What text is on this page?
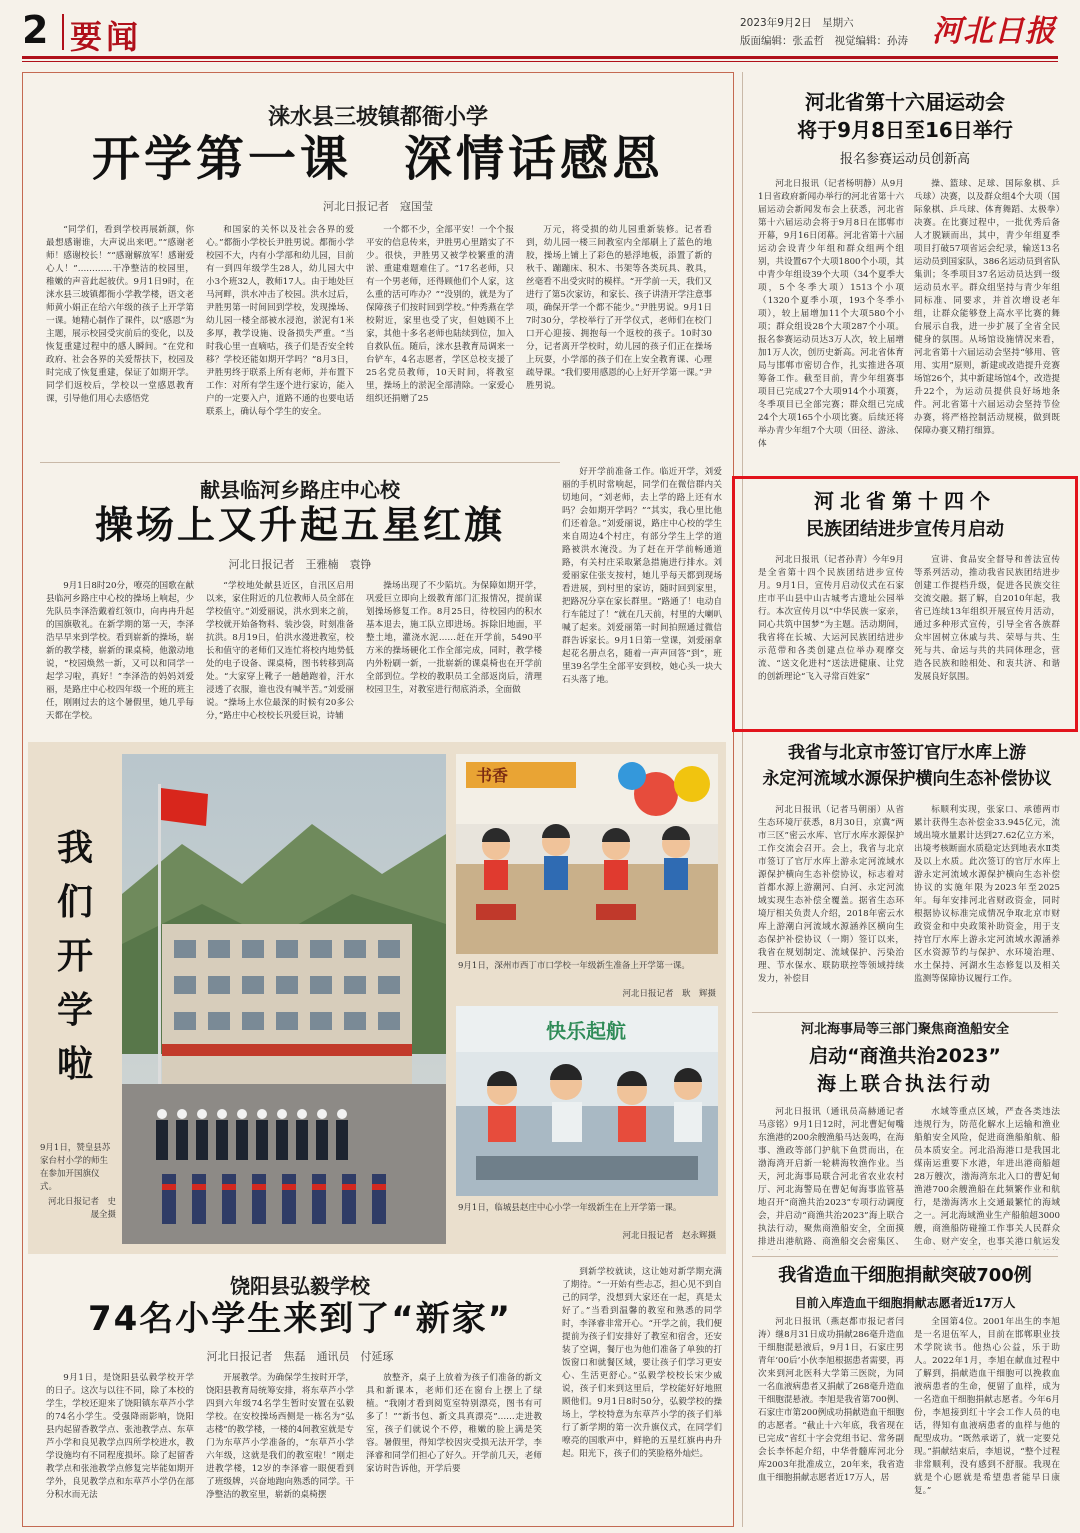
2 要闻	2023年9月2日　星期六
版面编辑：张孟哲　视觉编辑：孙涛 河北日报
涞水县三坡镇都衙小学
开学第一课　深情话感恩
河北日报记者　寇国莹
“同学们，看到学校再展新颜，你最想感谢谁，大声说出来吧。”“感谢老师！感谢校长！”“感谢解放军！感谢爱心人！”…………干净整洁的校园里，稚嫩的声音此起彼伏。9月1日9时，在涞水县三坡镇都衙小学教学楼，语文老师黄小娟正在给六年级的孩子上开学第一课。她精心制作了课件，以“感恩”为主题，展示校园受灾前后的变化，以及恢复重建过程中的感人瞬间。“在党和政府、社会各界的关爱帮扶下，校园及时完成了恢复重建，保证了如期开学。同学们返校后，学校以一堂感恩教育课，引导他们用心去感悟党
和国家的关怀以及社会各界的爱心。”都衙小学校长尹胜男说。都衙小学校园不大，内有小学部和幼儿园，目前有一到四年级学生28人，幼儿园大中小3个班32人，教师17人。由于地处巨马河畔，洪水冲击了校园。洪水过后，尹胜男第一时间回到学校，发现操场、幼儿园一楼全部被水浸泡，淤泥有1米多厚，教学设施、设备损失严重。“当时我心里一直嘀咕，孩子们是否安全转移？学校还能如期开学吗？”8月3日，尹胜男终于联系上所有老师，并布置下工作：对所有学生逐个进行家访，能入户的一定要入户，道路不通的也要电话联系上，确认每个学生的安全。
一个都不少，全部平安！一个个报平安的信息传来，尹胜男心里踏实了不少。很快，尹胜男又被学校繁重的清淤、重建难题难住了。“17名老师，只有一个男老师，还得顾他们个人家，这么重的活可咋办？”“没别的，就是为了保障孩子们按时回到学校。”仲秀燕在学校附近，家里也受了灾，但她顾不上家，其他十多名老师也陆续到位，加入自救队伍。随后，涞水县教育局调来一台铲车，4名志愿者，学区总校支援了25名党员教师，10天时间，将教室里，操场上的淤泥全部清除。一家爱心组织还捐赠了25
万元，将受损的幼儿园重新装修。记者看到，幼儿园一楼三间教室内全部刷上了蓝色的地胶，操场上铺上了彩色的悬浮地板，添置了新的秋千、蹦蹦床、积木、书架等各类玩具、教具，丝毫看不出受灾时的模样。“开学前一天，我们又进行了第5次家访，和家长、孩子讲清开学注意事项，确保开学一个都不能少。”尹胜男说。9月1日7时30分，学校举行了开学仪式，老师们在校门口开心迎接、拥抱每一个返校的孩子。10时30分，记者离开学校时，幼儿园的孩子们正在操场上玩耍，小学部的孩子们在上安全教育课、心理疏导课。“我们要用感恩的心上好开学第一课。”尹胜男说。
献县临河乡路庄中心校
操场上又升起五星红旗
河北日报记者　王雅楠　袁铮
9月1日8时20分，嘹亮的国歌在献县临河乡路庄中心校的操场上响起，少先队员李泽浩戴着红领巾，向冉冉升起的国旗敬礼。在新学期的第一天，李泽浩早早来到学校。看到崭新的操场，崭新的教学楼，崭新的课桌椅，他激动地说，“校园焕然一新，又可以和同学一起学习啦，真好！”李泽浩的妈妈刘爱丽，是路庄中心校四年级一个班的班主任，刚刚过去的这个暑假里，她几乎每天都在学校。
“学校地处献县近区，自汛区启用以来，家住附近的几位教师人员全部在学校值守。”刘爱丽说，洪水到来之前，学校就开始备物料、装沙袋，时刻准备抗洪。8月19日，伯洪水漫进教室，校长和值守的老师们又连忙将校内地势低处的电子设备、课桌椅，图书转移到高处。“大家穿上靴子一趟趟跑着，汗水浸透了衣服，谁也没有喊半苦。”刘爱丽说。“操场上水位最深的时候有20多公分，”路庄中心校校长巩爱巨说，诗辅
操场出现了不少陷坑。为保障如期开学，巩爱巨立即向上级教育部门汇报情况，提前谋划操场修复工作。8月25日，待校园内的积水基本退去，施工队立即进场。拆除旧地面，平整土地，灌浇水泥……赶在开学前，5490平方米的操场硬化工作全部完成，同时，教学楼内外粉刷一新，一批崭新的课桌椅也在开学前全部到位。学校的教职员工全部返岗后，清理校园卫生，对教室进行彻底消杀，全面做
好开学前准备工作。临近开学，刘爱丽的手机时常响起，同学们在微信群内关切地问，“刘老师，去上学的路上还有水吗？会如期开学吗？”“其实，我心里比他们还着急。”刘爱丽说，路庄中心校的学生来自周边4个村庄，有部分学生上学的道路被洪水淹没。为了赶在开学前畅通道路，有关村庄采取紧急措施进行排水。刘爱丽家住张支按村，她儿乎每天都到现场看进展，到村里的家访，随时回到家里，把路况分享在家长群里。“路通了！电动自行车能过了！”就在几天前，村里的大喇叭喊了起来。刘爱丽第一时间拍照通过微信群告诉家长。9月1日第一堂课，刘爱丽拿起花名册点名，随着一声声回答“到”，班里39名学生全部平安到校，她心头一块大石头落了地。
我
们
开
学
啦
9月1日，赞皇县苏家台村小学的师生在参加开国旗仪式。
河北日报记者　史晟全摄
书香
9月1日，深州市西丁市口学校一年级新生准备上开学第一课。
河北日报记者　耿　辉摄
快乐起航
9月1日，临城县赵庄中心小学一年级新生在上开学第一课。
河北日报记者　赵永辉摄
饶阳县弘毅学校
74名小学生来到了“新家”
河北日报记者　焦磊　通讯员　付延琢
9月1日，是饶阳县弘毅学校开学的日子。这次与以往不同，除了本校的学生，学校还迎来了饶阳镇东草芦小学的74名小学生。受强降雨影响，饶阳县内起留香教学点、张池教学点、东草芦小学和良见教学点四所学校进水，教学设施均有不同程度损坏。除了起留香教学点和张池教学点修复完毕能如期开学外，良见教学点和东草芦小学仍在部分积水而无法
开展教学。为确保学生按时开学，饶阳县教育局统筹安排，将东草芦小学四到六年级74名学生暂时安置在弘毅学校。在安校操场西侧是一栋名为“弘志楼”的教学楼，一楼的4间教室就是专门为东草芦小学准备的，“东草芦小学六年级，这就是我们的教室啦！”刚走进教学楼，12岁的李泽睿一眼便看到了班级牌，兴奋地跑向熟悉的同学。干净整洁的教室里，崭新的桌椅摆
放整齐，桌子上放着为孩子们准备的新文具和新课本，老师们还在窗台上摆上了绿植。“我刚才看到阅览室特别漂亮，图书有可多了！”“新书包、新文具真漂亮”……走进教室，孩子们就说个不停，稚嫩的脸上满是笑容。暑假里，得知学校因灾受损无法开学，李泽睿和同学们担心了好久。开学前几天，老师家访时告诉他，开学后要
到新学校就读，这让她对新学期充满了期待。“一开始有些忐忑，担心见不到自己的同学，没想到大家还在一起，真是太好了。”当看到温馨的教室和熟悉的同学时，李泽睿非常开心。“开学之前，我们便提前为孩子们安排好了教室和宿舍，还安装了空调，餐厅也为他们准备了单独的打饭窗口和就餐区域，要让孩子们学习更安心、生活更舒心。”弘毅学校校长宋少威说，孩子们来到这里后，学校能好好地照顾他们。9月1日8时50分，弘毅学校的操场上，学校特意为东草芦小学的孩子们举行了新学期的第一次升旗仪式，在同学们嘹亮的国歌声中，鲜艳的五星红旗冉冉升起。阳光下，孩子们的笑脸格外灿烂。
河北省第十六届运动会
将于9月8日至16日举行
报名参赛运动员创新高
河北日报讯（记者杨明静）从9月1日省政府新闻办举行的河北省第十六届运动会新闻发布会上获悉，河北省第十六届运动会将于9月8日在邯郸市开幕，9月16日闭幕。河北省第十六届运动会设青少年组和群众组两个组别，共设置67个大项1800个小项，其中青少年组设39个大项（34个夏季大项，5个冬季大项）1513个小项（1320个夏季小项，193个冬季小项），较上届增加11个大项580个小项；群众组设28个大项287个小项。报名参赛运动员达3万人次，较上届增加1万人次，创历史新高。河北省体育局与邯郸市密切合作，扎实推进各项筹备工作。截至目前，青少年组赛事项目已完成27个大项914个小项赛，冬季项目已全部完赛；群众组已完成24个大项165个小项比赛。后续还将举办青少年组7个大项（田径、游泳、体
操、篮球、足球、国际象棋、乒乓球）决赛，以及群众组4个大项（国际象棋、乒乓球、体育舞蹈、太极拳）决赛。在比赛过程中，一批优秀后备人才脱颖而出，其中，青少年组夏季项目打破57项省运会纪录，输送13名运动员到国家队，386名运动员到省队集训；冬季项目37名运动员达到一级运动员水平。群众组坚持与青少年组同标准、同要求，并首次增设老年组，让群众能够登上高水平比赛的舞台展示自我，进一步扩展了全省全民健身的氛围。从场馆设施情况来看，河北省第十六届运动会坚持“够用、管用、实用”原则，新建或改造提升竞赛场馆26个，其中新建场馆4个，改造提升22个，为运动员提供良好场地条件。河北省第十六届运动会坚持节俭办赛，将严格控制活动规模，做到既保障办赛又精打细算。
河北省第十四个
民族团结进步宣传月启动
河北日报讯（记者孙青）今年9月是全省第十四个民族团结进步宣传月。9月1日，宣传月启动仪式在石家庄市平山县中山古城考古遗址公园举行。本次宣传月以“中华民族一家亲，同心共筑中国梦”为主题。活动期间，我省将在长城、大运河民族团结进步示范带和各类创建点位举办观摩交流、“送文化进村”送法进健康、让党的创新理论“飞入寻常百姓家”
宣讲、食品安全督导和普法宣传等系列活动，推动我省民族团结进步创建工作提档升级，促进各民族交往交流交融。据了解，自2010年起，我省已连续13年组织开展宣传月活动，通过多种形式宣传，引导全省各族群众牢固树立休戚与共、荣辱与共、生死与共、命运与共的共同体理念，营造各民族和睦相处、和衷共济、和谐发展良好氛围。
我省与北京市签订官厅水库上游
永定河流域水源保护横向生态补偿协议
河北日报讯（记者马朝丽）从省生态环境厅获悉，8月30日，京冀“两市三区”密云水库、官厅水库水源保护工作交流会召开。会上，我省与北京市签订了官厅水库上游永定河流域水源保护横向生态补偿协议，标志着对首都水源上游潮河、白河、永定河流域实现生态补偿全覆盖。据省生态环境厅相关负责人介绍，2018年密云水库上游潮白河流域水源涵养区横向生态保护补偿协议（一期）签订以来，我省在规划制定、流域保护、污染治理、节水保水、联防联控等领域持续发力，补偿目
标顺利实现，张家口、承德两市累计获得生态补偿金33.945亿元，流域出境水量累计达到27.62亿立方米，出境考核断面水质稳定达到地表水Ⅱ类及以上水质。此次签订的官厅水库上游永定河流域水源保护横向生态补偿协议的实施年限为2023年至2025年。每年安排河北省财政资金，同时根据协议标准完成情况争取北京市财政资金和中央政策补助资金，用于支持官厅水库上游永定河流域水源涵养区水资源节约与保护、水环境治理、水土保持、河湖水生态修复以及相关监测等保障协议履行工作。
河北海事局等三部门聚焦商渔船安全
启动“商渔共治2023”
海上联合执法行动
河北日报讯（通讯员高赫通记者马彦铭）9月1日12时，河北曹妃甸嘴东渔港的200余艘渔船马达轰鸣，在海事、渔政等部门护航下鱼贯而出，在渤海湾开启新一轮耕海牧渔作业。当天，河北海事局联合河北省农业农村厅、河北海警局在曹妃甸海事监管基地召开“商渔共治2023”专项行动调度会，并启动“商渔共治2023”海上联合执法行动，聚焦商渔船安全，全面摸排进出港航路、商渔船交会密集区、
水域等重点区域，严查各类违法违规行为，防范化解水上运输和渔业船舶安全风险，促进商渔船舶航、船员本质安全。河北沿海港口是我国北煤南运重要下水港，年进出港商船超28万艘次，渤海湾东北入口的曹妃甸渔港700余艘渔船在此频繁作业和航行，是渤海湾水上交通最繁忙的海域之一。河北海域渔业生产船舶超3000艘，商渔船防碰撞工作事关人民群众生命、财产安全，也事关港口航运发
我省造血干细胞捐献突破700例
目前入库造血干细胞捐献志愿者近17万人
河北日报讯（燕赵都市报记者闫涛）继8月31日成功捐献286毫升造血干细胞混悬液后，9月1日，石家庄男青年‘00后’小伙李旭根据患者需要，再次来到河北医科大学第三医院，为同一名血液病患者又捐献了268毫升造血干细胞混悬液。李旭是我省第700例、石家庄市第200例成功捐献造血干细胞的志愿者。“截止十六年底，我省现在已完成”省红十字会党组书记、常务副会长李怀起介绍，中华骨髓库河北分库2003年批准成立，20年来，我省造血干细胞捐献志愿者近17万人，居
全国第4位。2001年出生的李旭是一名退伍军人，目前在邯郸职业技术学院读书。他热心公益，乐于助人。2022年1月，李旭在献血过程中了解到，捐献造血干细胞可以挽救血液病患者的生命，便留了血样，成为一名造血干细胞捐献志愿者。今年6月份，李旭接到红十字会工作人员的电话，得知有血液病患者的血样与他的配型成功。“既然承诺了，就一定要兑现。”捐献结束后，李旭说，“整个过程非常顺利，没有感到不舒服。我现在就是个心愿就是希望患者能早日康复。”
